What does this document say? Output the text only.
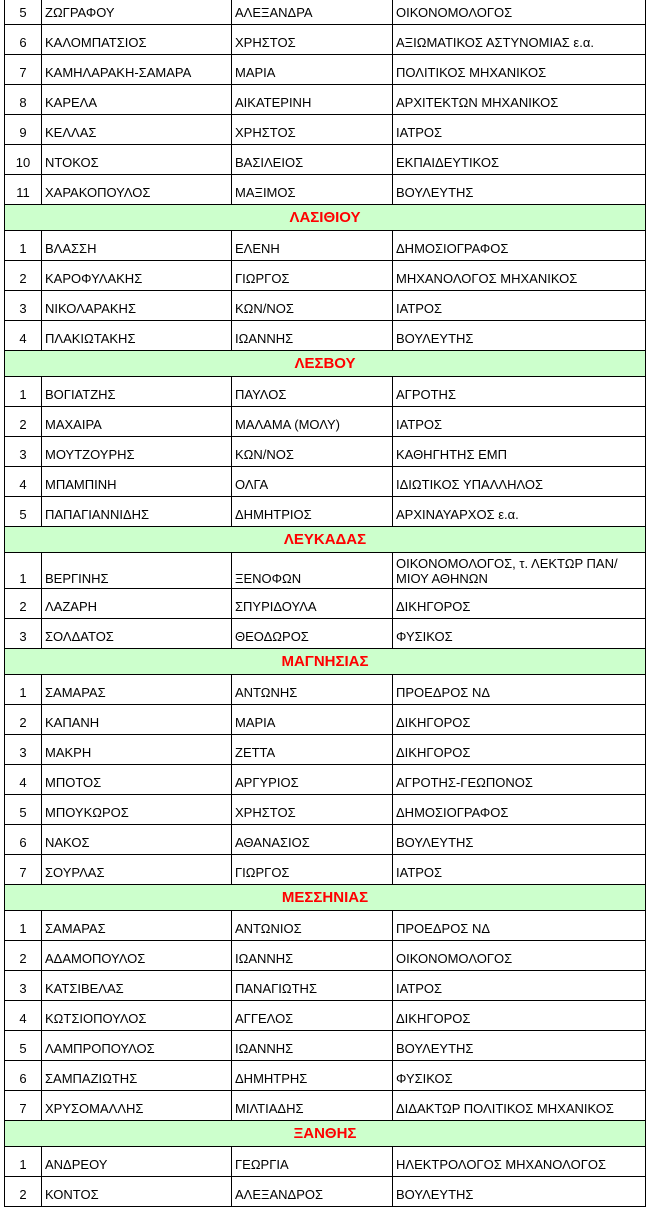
5	ΖΩΓΡΑΦΟΥ	ΑΛΕΞΑΝΔΡΑ	ΟΙΚΟΝΟΜΟΛΟΓΟΣ
6	ΚΑΛΟΜΠΑΤΣΙΟΣ	ΧΡΗΣΤΟΣ	ΑΞΙΩΜΑΤΙΚΟΣ ΑΣΤΥΝΟΜΙΑΣ ε.α.
7	ΚΑΜΗΛΑΡΑΚΗ-ΣΑΜΑΡΑ	ΜΑΡΙΑ	ΠΟΛΙΤΙΚΟΣ ΜΗΧΑΝΙΚΟΣ
8	ΚΑΡΕΛΑ	ΑΙΚΑΤΕΡΙΝΗ	ΑΡΧΙΤΕΚΤΩΝ ΜΗΧΑΝΙΚΟΣ
9	ΚΕΛΛΑΣ	ΧΡΗΣΤΟΣ	ΙΑΤΡΟΣ
10	ΝΤΟΚΟΣ	ΒΑΣΙΛΕΙΟΣ	ΕΚΠΑΙΔΕΥΤΙΚΟΣ
11	ΧΑΡΑΚΟΠΟΥΛΟΣ	ΜΑΞΙΜΟΣ	ΒΟΥΛΕΥΤΗΣ
ΛΑΣΙΘΙΟΥ			
1	ΒΛΑΣΣΗ	ΕΛΕΝΗ	ΔΗΜΟΣΙΟΓΡΑΦΟΣ
2	ΚΑΡΟΦΥΛΑΚΗΣ	ΓΙΩΡΓΟΣ	ΜΗΧΑΝΟΛΟΓΟΣ ΜΗΧΑΝΙΚΟΣ
3	ΝΙΚΟΛΑΡΑΚΗΣ	ΚΩΝ/ΝΟΣ	ΙΑΤΡΟΣ
4	ΠΛΑΚΙΩΤΑΚΗΣ	ΙΩΑΝΝΗΣ	ΒΟΥΛΕΥΤΗΣ
ΛΕΣΒΟΥ			
1	ΒΟΓΙΑΤΖΗΣ	ΠΑΥΛΟΣ	ΑΓΡΟΤΗΣ
2	ΜΑΧΑΙΡΑ	ΜΑΛΑΜΑ (ΜΟΛΥ)	ΙΑΤΡΟΣ
3	ΜΟΥΤΖΟΥΡΗΣ	ΚΩΝ/ΝΟΣ	ΚΑΘΗΓΗΤΗΣ ΕΜΠ
4	ΜΠΑΜΠΙΝΗ	ΟΛΓΑ	ΙΔΙΩΤΙΚΟΣ ΥΠΑΛΛΗΛΟΣ
5	ΠΑΠΑΓΙΑΝΝΙΔΗΣ	ΔΗΜΗΤΡΙΟΣ	ΑΡΧΙΝΑΥΑΡΧΟΣ ε.α.
ΛΕΥΚΑΔΑΣ			
1	ΒΕΡΓΙΝΗΣ	ΞΕΝΟΦΩΝ	ΟΙΚΟΝΟΜΟΛΟΓΟΣ, τ. ΛΕΚΤΩΡ ΠΑΝ/ΜΙΟΥ ΑΘΗΝΩΝ
2	ΛΑΖΑΡΗ	ΣΠΥΡΙΔΟΥΛΑ	ΔΙΚΗΓΟΡΟΣ
3	ΣΟΛΔΑΤΟΣ	ΘΕΟΔΩΡΟΣ	ΦΥΣΙΚΟΣ
ΜΑΓΝΗΣΙΑΣ			
1	ΣΑΜΑΡΑΣ	ΑΝΤΩΝΗΣ	ΠΡΟΕΔΡΟΣ ΝΔ
2	ΚΑΠΑΝΗ	ΜΑΡΙΑ	ΔΙΚΗΓΟΡΟΣ
3	ΜΑΚΡΗ	ΖΕΤΤΑ	ΔΙΚΗΓΟΡΟΣ
4	ΜΠΟΤΟΣ	ΑΡΓΥΡΙΟΣ	ΑΓΡΟΤΗΣ-ΓΕΩΠΟΝΟΣ
5	ΜΠΟΥΚΩΡΟΣ	ΧΡΗΣΤΟΣ	ΔΗΜΟΣΙΟΓΡΑΦΟΣ
6	ΝΑΚΟΣ	ΑΘΑΝΑΣΙΟΣ	ΒΟΥΛΕΥΤΗΣ
7	ΣΟΥΡΛΑΣ	ΓΙΩΡΓΟΣ	ΙΑΤΡΟΣ
ΜΕΣΣΗΝΙΑΣ			
1	ΣΑΜΑΡΑΣ	ΑΝΤΩΝΙΟΣ	ΠΡΟΕΔΡΟΣ ΝΔ
2	ΑΔΑΜΟΠΟΥΛΟΣ	ΙΩΑΝΝΗΣ	ΟΙΚΟΝΟΜΟΛΟΓΟΣ
3	ΚΑΤΣΙΒΕΛΑΣ	ΠΑΝΑΓΙΩΤΗΣ	ΙΑΤΡΟΣ
4	ΚΩΤΣΙΟΠΟΥΛΟΣ	ΑΓΓΕΛΟΣ	ΔΙΚΗΓΟΡΟΣ
5	ΛΑΜΠΡΟΠΟΥΛΟΣ	ΙΩΑΝΝΗΣ	ΒΟΥΛΕΥΤΗΣ
6	ΣΑΜΠΑΖΙΩΤΗΣ	ΔΗΜΗΤΡΗΣ	ΦΥΣΙΚΟΣ
7	ΧΡΥΣΟΜΑΛΛΗΣ	ΜΙΛΤΙΑΔΗΣ	ΔΙΔΑΚΤΩΡ ΠΟΛΙΤΙΚΟΣ ΜΗΧΑΝΙΚΟΣ
ΞΑΝΘΗΣ			
1	ΑΝΔΡΕΟΥ	ΓΕΩΡΓΙΑ	ΗΛΕΚΤΡΟΛΟΓΟΣ ΜΗΧΑΝΟΛΟΓΟΣ
2	ΚΟΝΤΟΣ	ΑΛΕΞΑΝΔΡΟΣ	ΒΟΥΛΕΥΤΗΣ
